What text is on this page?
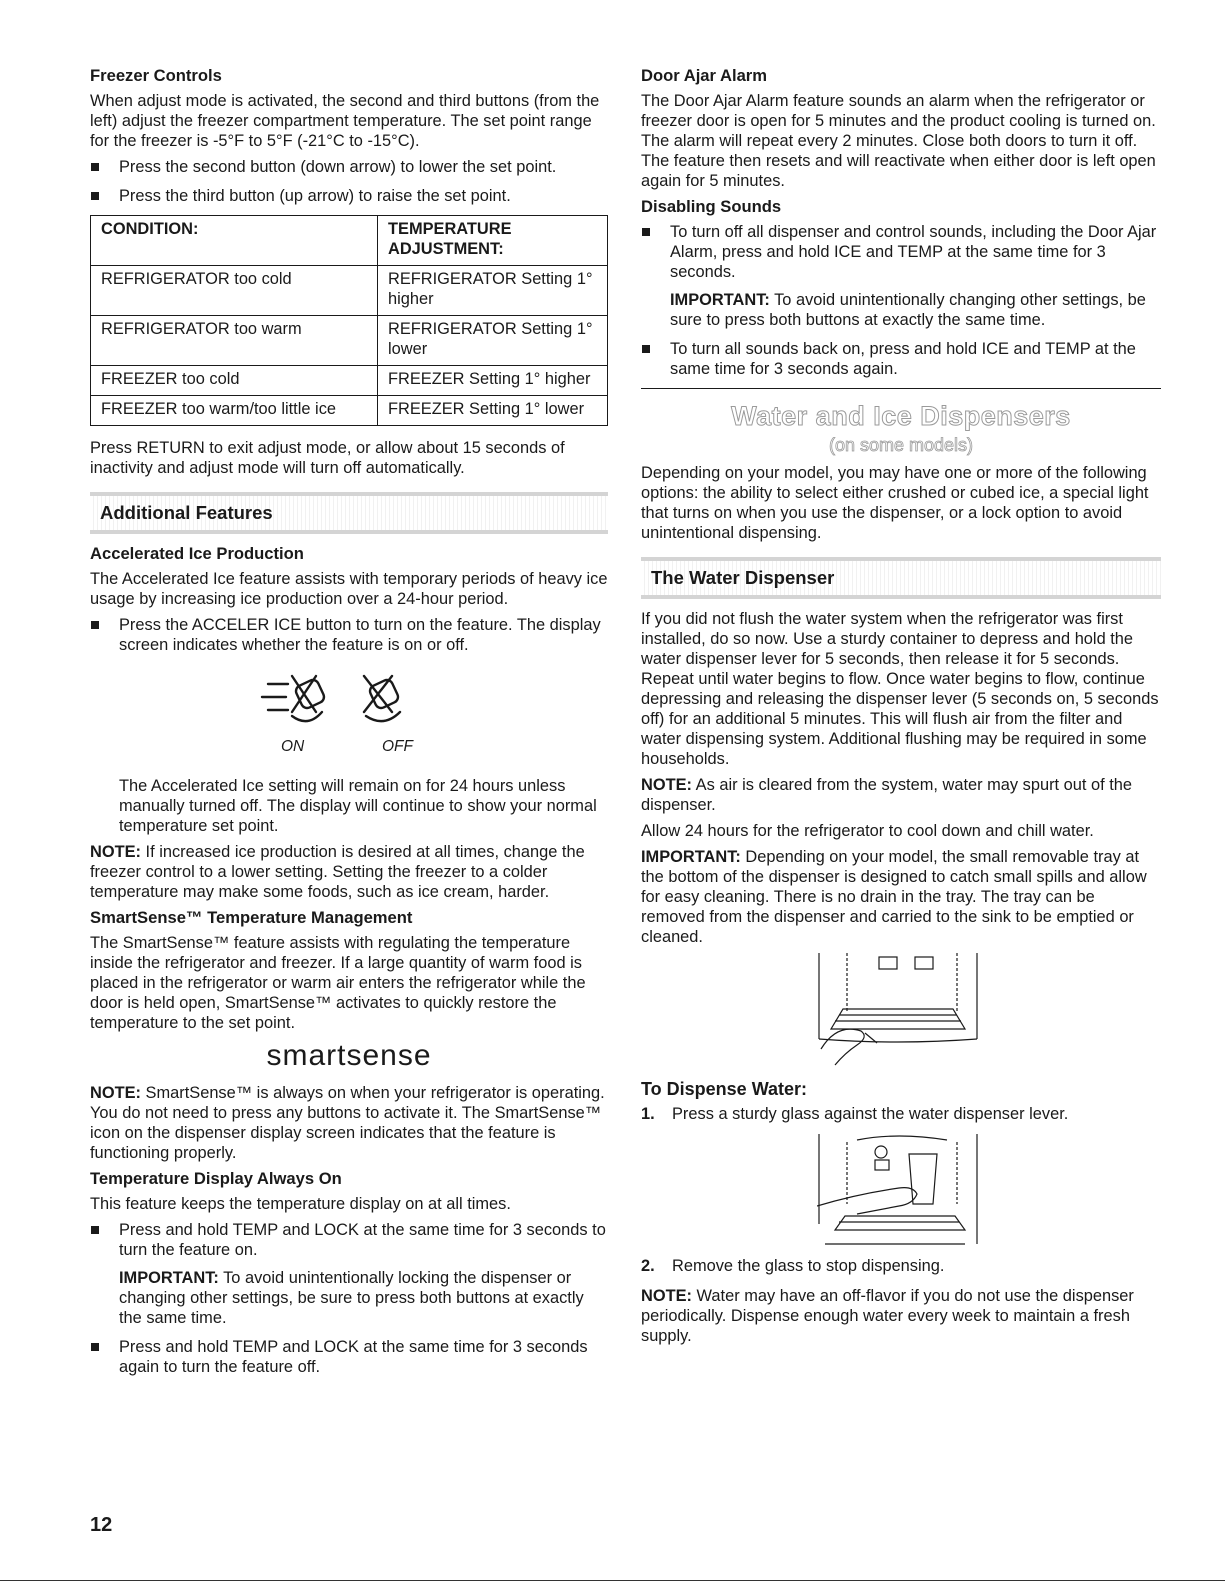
Freezer Controls

When adjust mode is activated, the second and third buttons (from the left) adjust the freezer compartment temperature. The set point range for the freezer is -5°F to 5°F (-21°C to -15°C).

Press the second button (down arrow) to lower the set point.
Press the third button (up arrow) to raise the set point.
CONDITION:	TEMPERATURE ADJUSTMENT:
REFRIGERATOR too cold	REFRIGERATOR Setting 1° higher
REFRIGERATOR too warm	REFRIGERATOR Setting 1° lower
FREEZER too cold	FREEZER Setting 1° higher
FREEZER too warm/too little ice	FREEZER Setting 1° lower

Press RETURN to exit adjust mode, or allow about 15 seconds of inactivity and adjust mode will turn off automatically.

Additional Features
Accelerated Ice Production

The Accelerated Ice feature assists with temporary periods of heavy ice usage by increasing ice production over a 24-hour period.

Press the ACCELER ICE button to turn on the feature. The display screen indicates whether the feature is on or off.
ON	OFF

The Accelerated Ice setting will remain on for 24 hours unless manually turned off. The display will continue to show your normal temperature set point.

NOTE: If increased ice production is desired at all times, change the freezer control to a lower setting. Setting the freezer to a colder temperature may make some foods, such as ice cream, harder.

SmartSense™ Temperature Management

The SmartSense™ feature assists with regulating the temperature inside the refrigerator and freezer. If a large quantity of warm food is placed in the refrigerator or warm air enters the refrigerator while the door is held open, SmartSense™ activates to quickly restore the temperature to the set point.

smartsense

NOTE: SmartSense™ is always on when your refrigerator is operating. You do not need to press any buttons to activate it. The SmartSense™ icon on the dispenser display screen indicates that the feature is functioning properly.

Temperature Display Always On

This feature keeps the temperature display on at all times.

Press and hold TEMP and LOCK at the same time for 3 seconds to turn the feature on.

IMPORTANT: To avoid unintentionally locking the dispenser or changing other settings, be sure to press both buttons at exactly the same time.

Press and hold TEMP and LOCK at the same time for 3 seconds again to turn the feature off.
Door Ajar Alarm

The Door Ajar Alarm feature sounds an alarm when the refrigerator or freezer door is open for 5 minutes and the product cooling is turned on. The alarm will repeat every 2 minutes. Close both doors to turn it off. The feature then resets and will reactivate when either door is left open again for 5 minutes.

Disabling Sounds
To turn off all dispenser and control sounds, including the Door Ajar Alarm, press and hold ICE and TEMP at the same time for 3 seconds.

IMPORTANT: To avoid unintentionally changing other settings, be sure to press both buttons at exactly the same time.

To turn all sounds back on, press and hold ICE and TEMP at the same time for 3 seconds again.
Water and Ice Dispensers
(on some models)

Depending on your model, you may have one or more of the following options: the ability to select either crushed or cubed ice, a special light that turns on when you use the dispenser, or a lock option to avoid unintentional dispensing.

The Water Dispenser

If you did not flush the water system when the refrigerator was first installed, do so now. Use a sturdy container to depress and hold the water dispenser lever for 5 seconds, then release it for 5 seconds. Repeat until water begins to flow. Once water begins to flow, continue depressing and releasing the dispenser lever (5 seconds on, 5 seconds off) for an additional 5 minutes. This will flush air from the filter and water dispensing system. Additional flushing may be required in some households.

NOTE: As air is cleared from the system, water may spurt out of the dispenser.

Allow 24 hours for the refrigerator to cool down and chill water.

IMPORTANT: Depending on your model, the small removable tray at the bottom of the dispenser is designed to catch small spills and allow for easy cleaning. There is no drain in the tray. The tray can be removed from the dispenser and carried to the sink to be emptied or cleaned.

To Dispense Water:
1. Press a sturdy glass against the water dispenser lever.
2. Remove the glass to stop dispensing.

NOTE: Water may have an off-flavor if you do not use the dispenser periodically. Dispense enough water every week to maintain a fresh supply.

12
